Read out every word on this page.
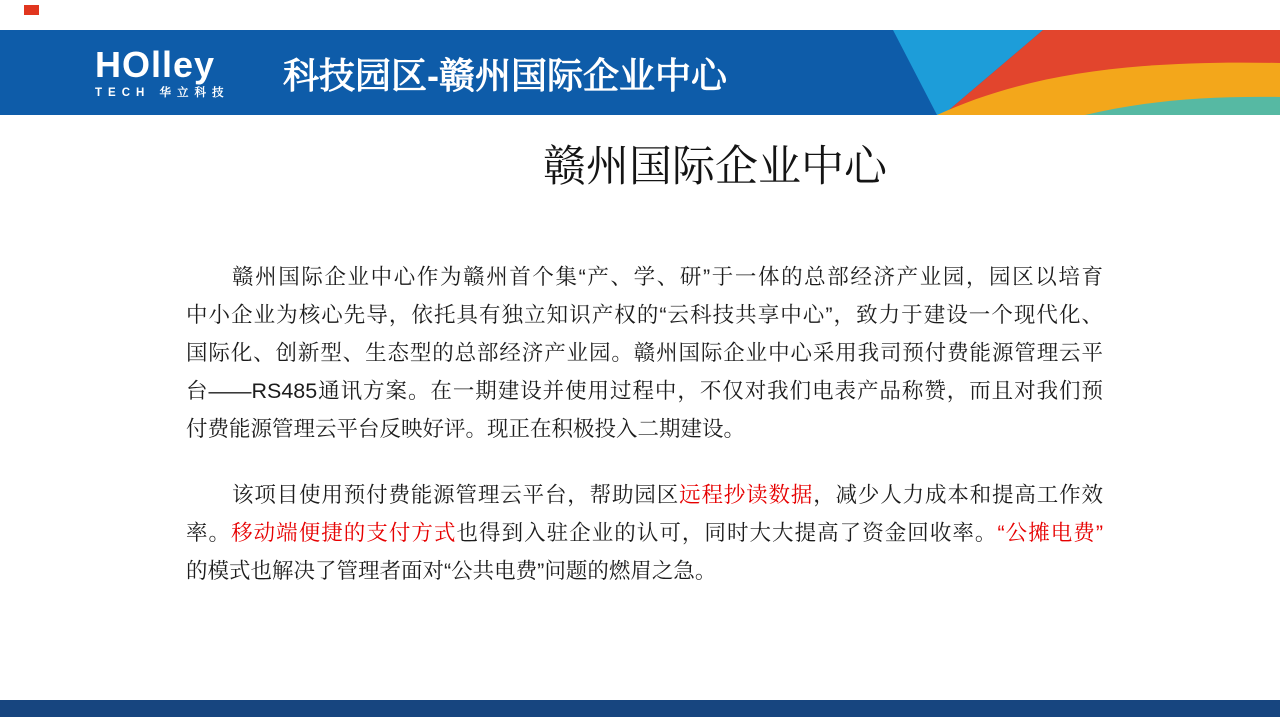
HOlley
TECH 华立科技	科技园区-赣州国际企业中心
赣州国际企业中心
赣州国际企业中心作为赣州首个集“产、学、研”于一体的总部经济产业园，园区以培育
中小企业为核心先导，依托具有独立知识产权的“云科技共享中心”，致力于建设一个现代化、
国际化、创新型、生态型的总部经济产业园。赣州国际企业中心采用我司预付费能源管理云平
台——RS485通讯方案。在一期建设并使用过程中，不仅对我们电表产品称赞，而且对我们预
付费能源管理云平台反映好评。现正在积极投入二期建设。
该项目使用预付费能源管理云平台，帮助园区远程抄读数据，减少人力成本和提高工作效
率。移动端便捷的支付方式也得到入驻企业的认可，同时大大提高了资金回收率。“公摊电费”
的模式也解决了管理者面对“公共电费”问题的燃眉之急。
